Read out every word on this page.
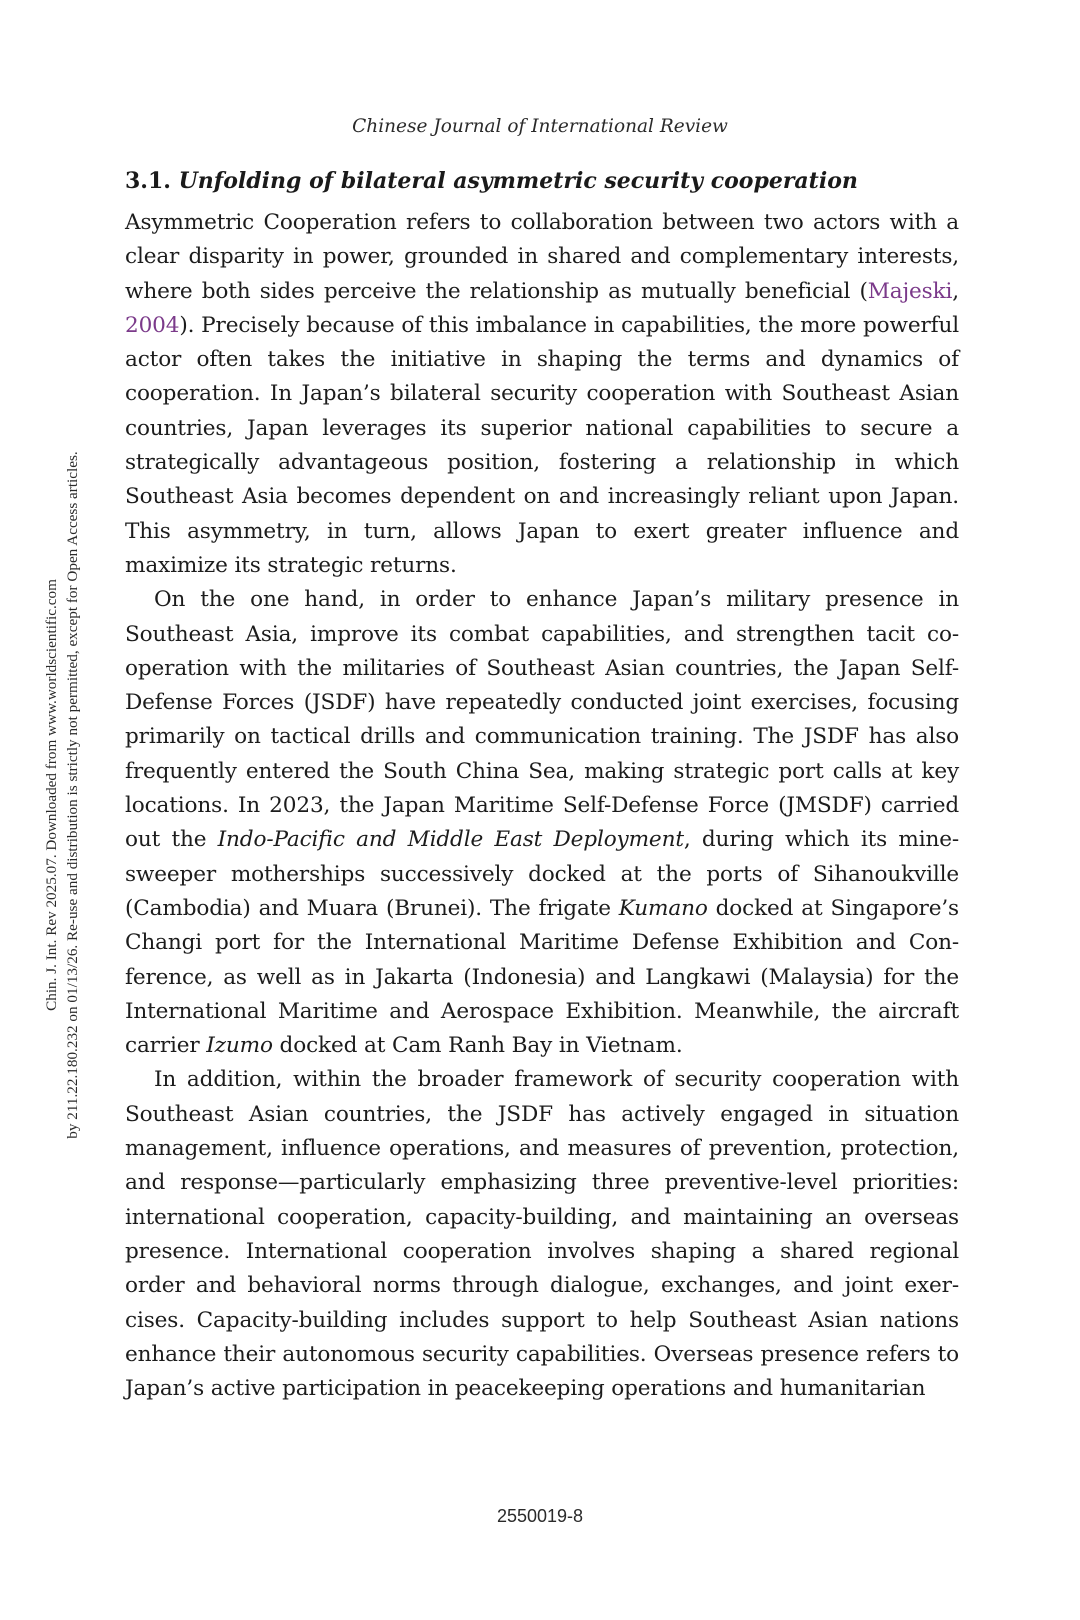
Chinese Journal of International Review
Chin. J. Int. Rev 2025.07. Downloaded from www.worldscientific.com by 211.22.180.232 on 01/13/26. Re-use and distribution is strictly not permitted, except for Open Access articles.
3.1. Unfolding of bilateral asymmetric security cooperation

Asymmetric Cooperation refers to collaboration between two actors with a clear disparity in power, grounded in shared and complementary interests, where both sides perceive the relationship as mutually beneficial (Majeski, 2004). Precisely because of this imbalance in capabilities, the more powerful actor often takes the initiative in shaping the terms and dynamics of cooperation. In Japan’s bilateral security cooperation with Southeast Asian countries, Japan leverages its superior national capabilities to secure a strategically advantageous position, fostering a relationship in which Southeast Asia becomes dependent on and increasingly reliant upon Japan. This asymmetry, in turn, allows Japan to exert greater influence and maximize its strategic returns.

On the one hand, in order to enhance Japan’s military presence in Southeast Asia, improve its combat capabilities, and strengthen tacit co-operation with the militaries of Southeast Asian countries, the Japan Self-Defense Forces (JSDF) have repeatedly conducted joint exercises, focusing primarily on tactical drills and communication training. The JSDF has also frequently entered the South China Sea, making strategic port calls at key locations. In 2023, the Japan Maritime Self-Defense Force (JMSDF) carried out the Indo-Pacific and Middle East Deployment, during which its mine-sweeper motherships successively docked at the ports of Sihanoukville (Cambodia) and Muara (Brunei). The frigate Kumano docked at Singapore’s Changi port for the International Maritime Defense Exhibition and Con-ference, as well as in Jakarta (Indonesia) and Langkawi (Malaysia) for the International Maritime and Aerospace Exhibition. Meanwhile, the aircraft carrier Izumo docked at Cam Ranh Bay in Vietnam.

In addition, within the broader framework of security cooperation with Southeast Asian countries, the JSDF has actively engaged in situation management, influence operations, and measures of prevention, protection, and response—particularly emphasizing three preventive-level priorities: international cooperation, capacity-building, and maintaining an overseas presence. International cooperation involves shaping a shared regional order and behavioral norms through dialogue, exchanges, and joint exer-cises. Capacity-building includes support to help Southeast Asian nations enhance their autonomous security capabilities. Overseas presence refers to Japan’s active participation in peacekeeping operations and humanitarian

2550019-8
